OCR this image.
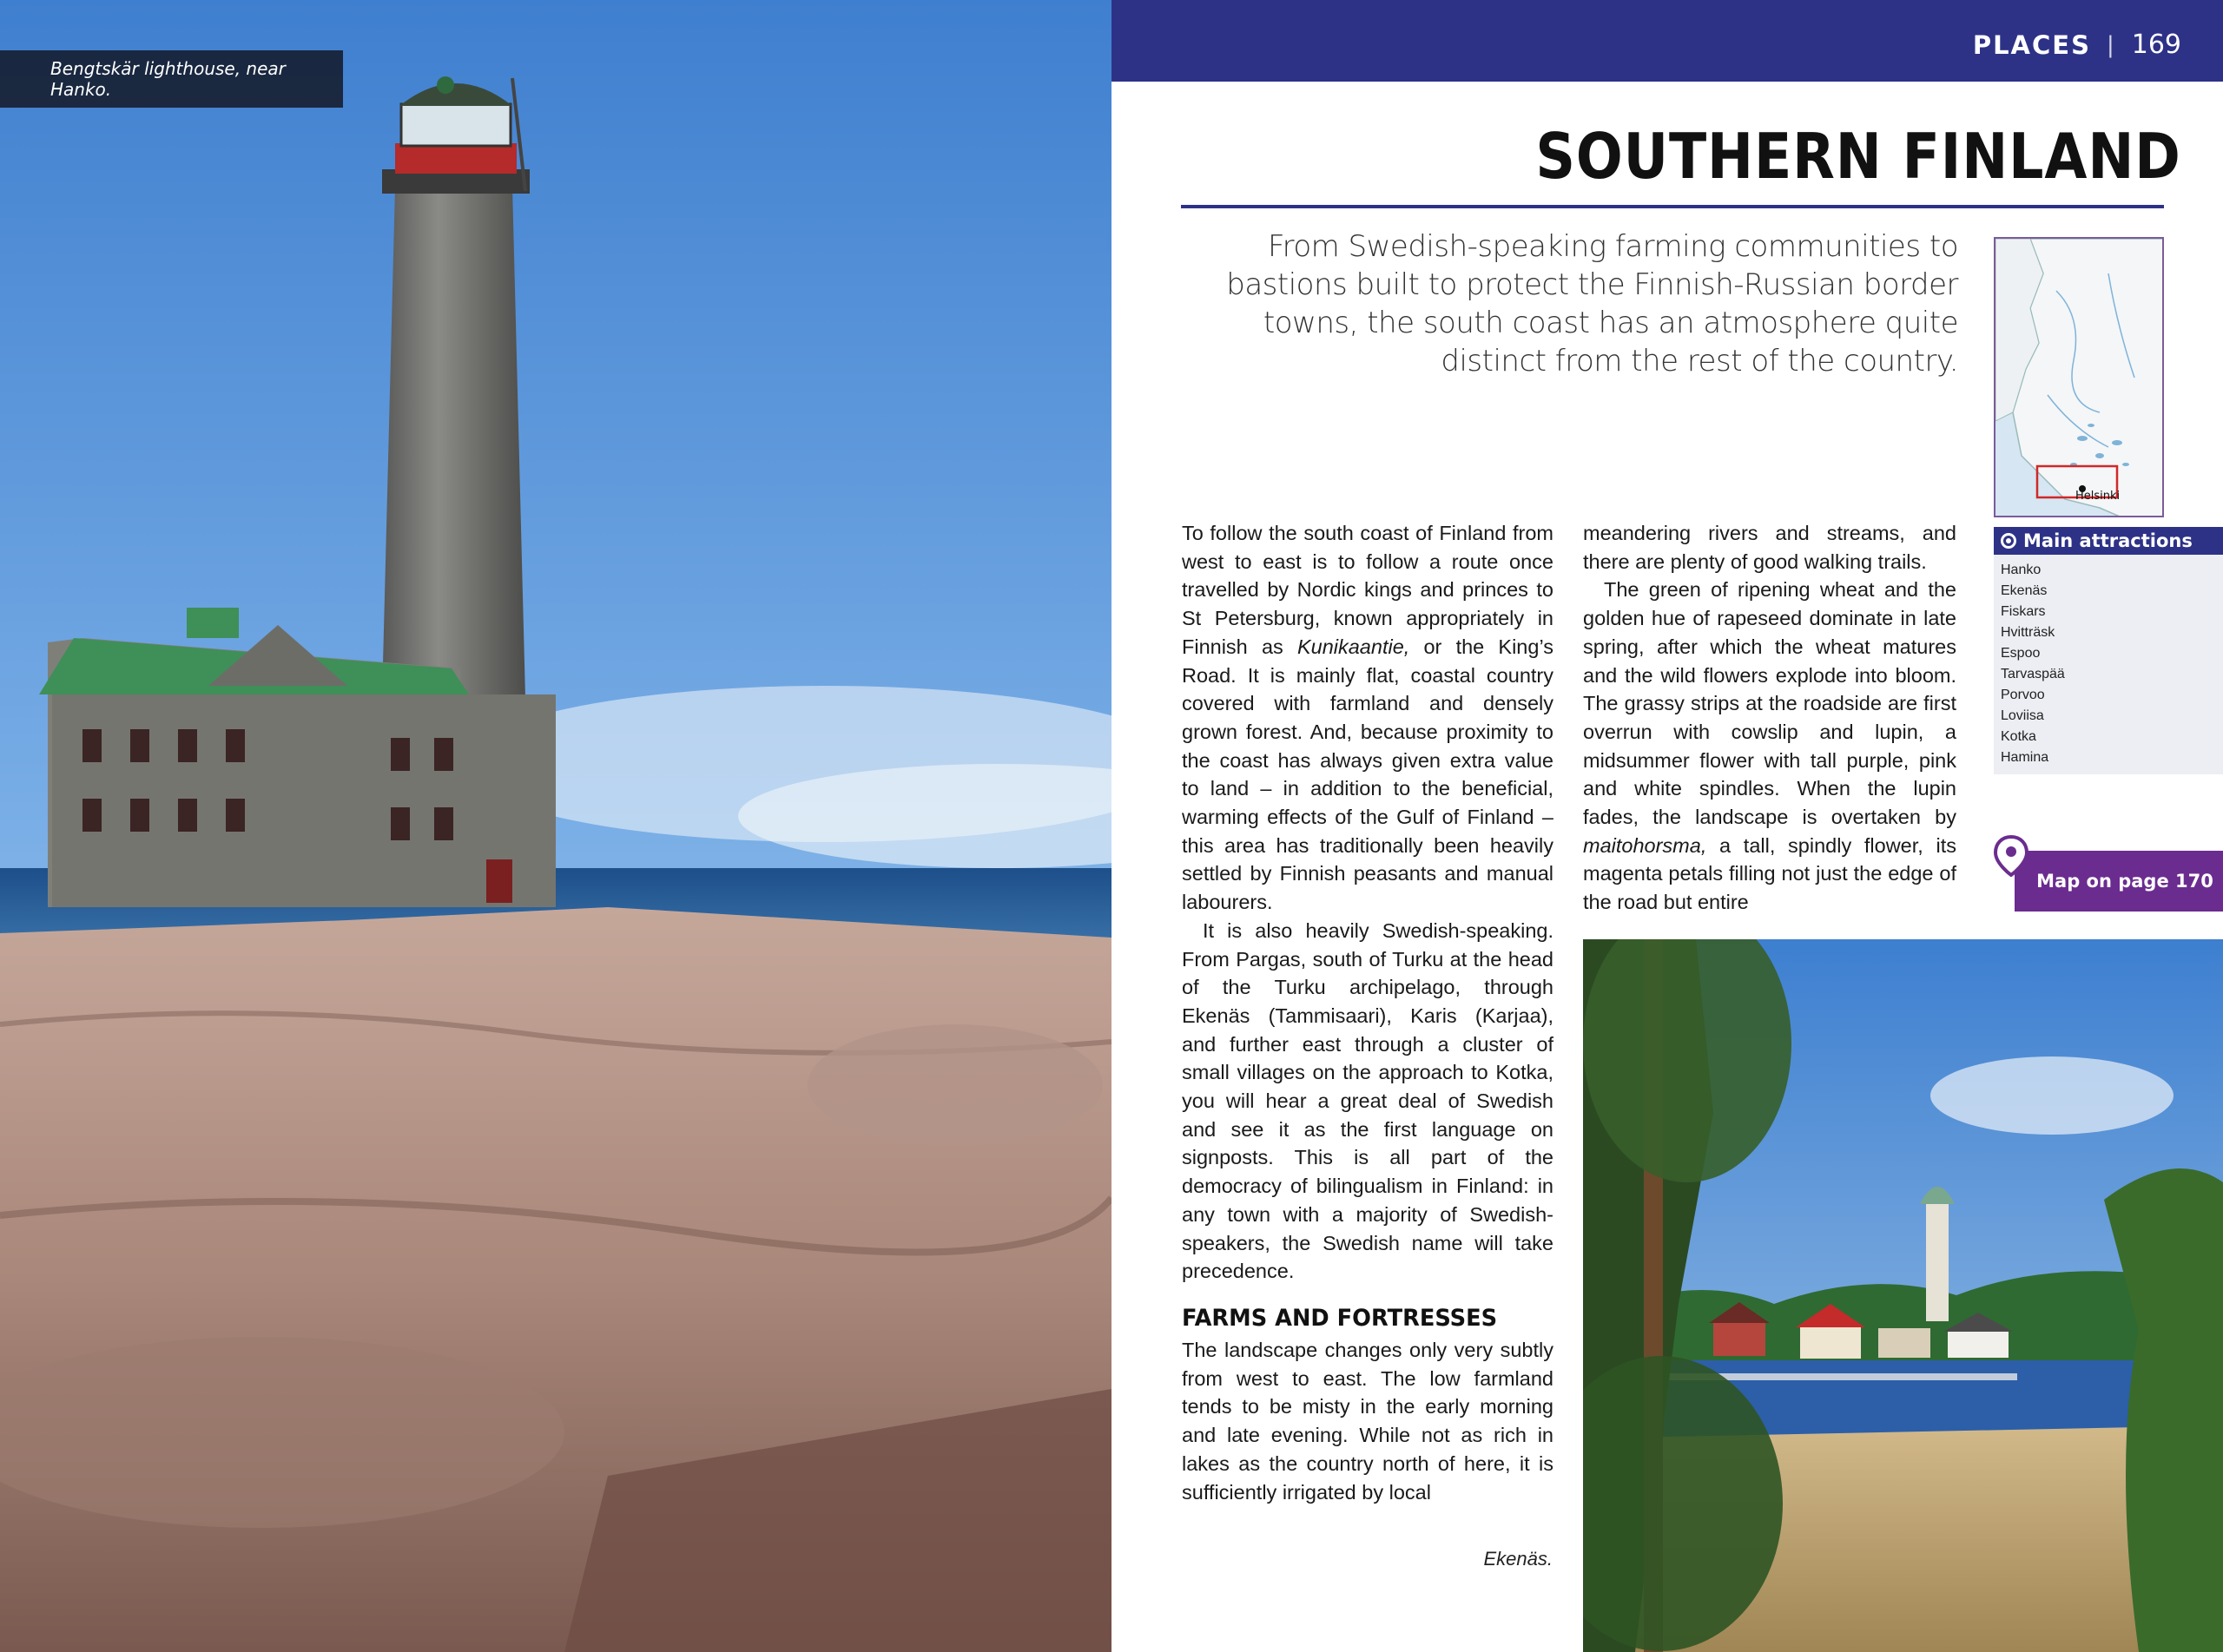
Bengtskär lighthouse, near Hanko.
PLACES | 169
SOUTHERN FINLAND

From Swedish-speaking farming communities to bastions built to protect the Finnish-Russian border towns, the south coast has an atmosphere quite distinct from the rest of the country.

Helsinki
Main attractions
Hanko
Ekenäs
Fiskars
Hvitträsk
Espoo
Tarvaspää
Porvoo
Loviisa
Kotka
Hamina
Map on page 170

To follow the south coast of Finland from west to east is to follow a route once travelled by Nordic kings and princes to St Petersburg, known appropriately in Finnish as Kunikaantie, or the King’s Road. It is mainly flat, coastal country covered with farmland and densely grown forest. And, because proximity to the coast has always given extra value to land – in addition to the beneficial, warming effects of the Gulf of Finland – this area has traditionally been heavily settled by Finnish peasants and manual labourers.

It is also heavily Swedish-speaking. From Pargas, south of Turku at the head of the Turku archipelago, through Ekenäs (Tammisaari), Karis (Karjaa), and further east through a cluster of small villages on the approach to Kotka, you will hear a great deal of Swedish and see it as the first language on signposts. This is all part of the democracy of bilingualism in Finland: in any town with a majority of Swedish-speakers, the Swedish name will take precedence.

FARMS AND FORTRESSES

The landscape changes only very subtly from west to east. The low farmland tends to be misty in the early morning and late evening. While not as rich in lakes as the country north of here, it is sufficiently irrigated by local

meandering rivers and streams, and there are plenty of good walking trails.

The green of ripening wheat and the golden hue of rapeseed dominate in late spring, after which the wheat matures and the wild flowers explode into bloom. The grassy strips at the roadside are first overrun with cowslip and lupin, a midsummer flower with tall purple, pink and white spindles. When the lupin fades, the landscape is overtaken by maitohorsma, a tall, spindly flower, its magenta petals filling not just the edge of the road but entire

Ekenäs.
